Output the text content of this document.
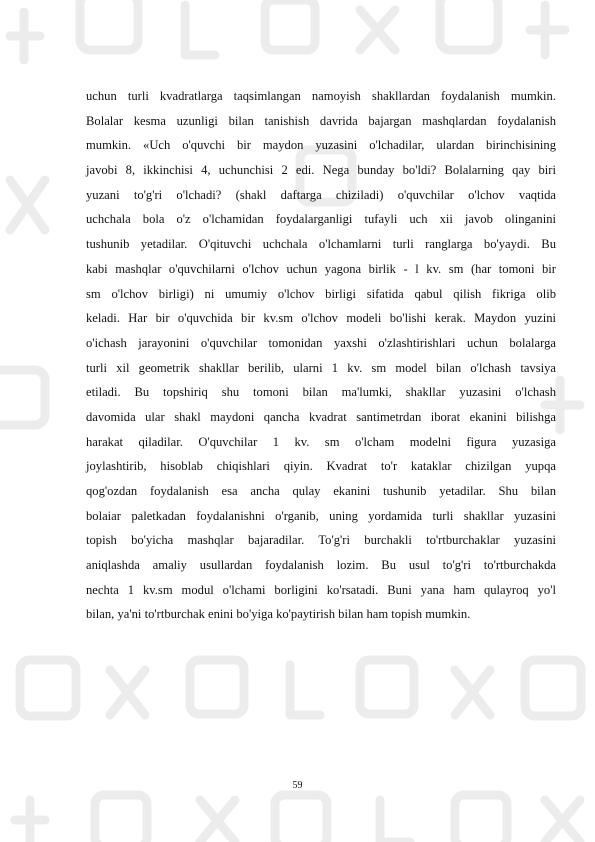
uchun turli kvadratlarga taqsimlangan namoyish shakllardan foydalanish mumkin.
Bolalar kesma uzunligi bilan tanishish davrida bajargan mashqlardan foydalanish
mumkin. «Uch o'quvchi bir maydon yuzasini o'lchadilar, ulardan birinchisining
javobi 8, ikkinchisi 4, uchunchisi 2 edi. Nega bunday bo'ldi? Bolalarning qay biri
yuzani to'g'ri o'lchadi? (shakl daftarga chiziladi) o'quvchilar o'lchov vaqtida
uchchala bola o'z o'lchamidan foydalarganligi tufayli uch xii javob olinganini
tushunib yetadilar. O'qituvchi uchchala o'lchamlarni turli ranglarga bo'yaydi. Bu
kabi mashqlar o'quvchilarni o'lchov uchun yagona birlik - l kv. sm (har tomoni bir
sm o'lchov birligi) ni umumiy o'lchov birligi sifatida qabul qilish fikriga olib
keladi. Har bir o'quvchida bir kv.sm o'lchov modeli bo'lishi kerak. Maydon yuzini
o'ichash jarayonini o'quvchilar tomonidan yaxshi o'zlashtirishlari uchun bolalarga
turli xil geometrik shakllar berilib, ularni 1 kv. sm model bilan o'lchash tavsiya
etiladi. Bu topshiriq shu tomoni bilan ma'lumki, shakllar yuzasini o'lchash
davomida ular shakl maydoni qancha kvadrat santimetrdan iborat ekanini bilishga
harakat qiladilar. O'quvchilar 1 kv. sm o'lcham modelni figura yuzasiga
joylashtirib, hisoblab chiqishlari qiyin. Kvadrat to'r kataklar chizilgan yupqa
qog'ozdan foydalanish esa ancha qulay ekanini tushunib yetadilar. Shu bilan
bolaiar paletkadan foydalanishni o'rganib, uning yordamida turli shakllar yuzasini
topish bo'yicha mashqlar bajaradilar. To'g'ri burchakli to'rtburchaklar yuzasini
aniqlashda amaliy usullardan foydalanish lozim. Bu usul to'g'ri to'rtburchakda
nechta 1 kv.sm modul o'lchami borligini ko'rsatadi. Buni yana ham qulayroq yo'l
bilan, ya'ni to'rtburchak enini bo'yiga ko'paytirish bilan ham topish mumkin.
59
